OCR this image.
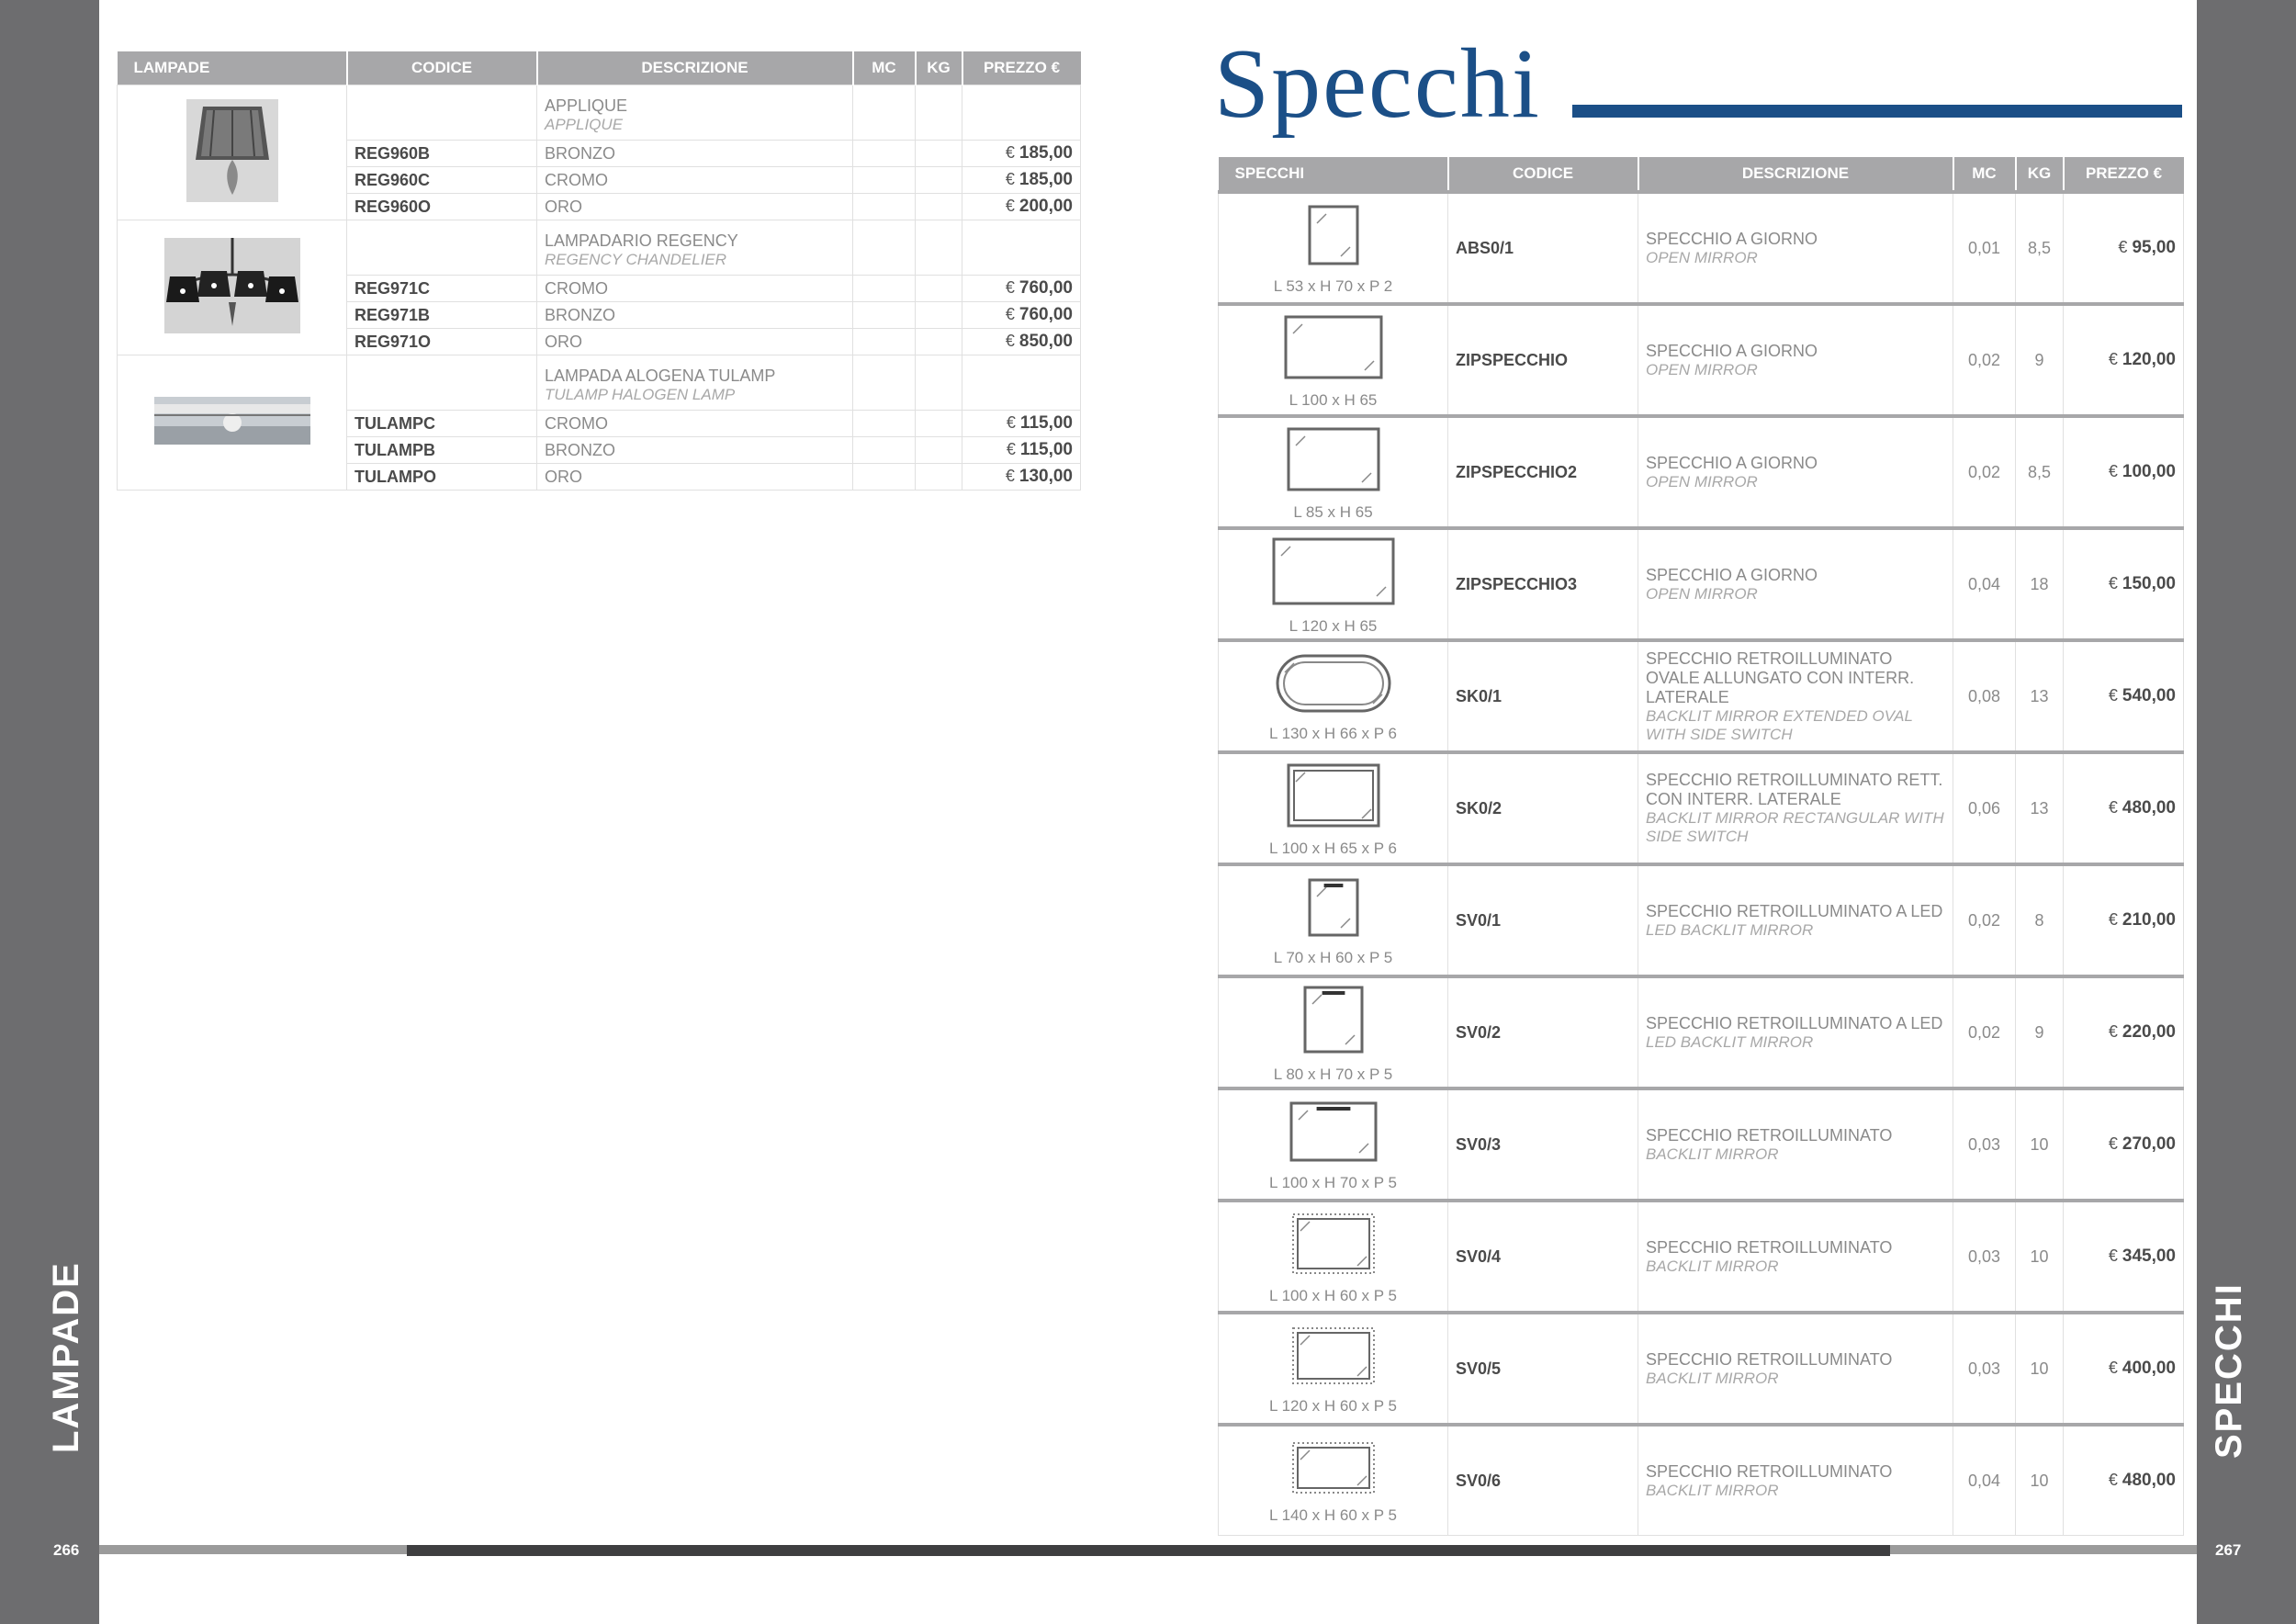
LAMPADE	SPECCHI
266	267
LAMPADE	CODICE	DESCRIZIONE	MC	KG	PREZZO €

APPLIQUE
APPLIQUE			

	REG960B	BRONZO			€ 185,00
	REG960C	CROMO			€ 185,00
	REG960O	ORO			€ 200,00

LAMPADARIO REGENCY
REGENCY CHANDELIER			

	REG971C	CROMO			€ 760,00
	REG971B	BRONZO			€ 760,00
	REG971O	ORO			€ 850,00

LAMPADA ALOGENA TULAMP
TULAMP HALOGEN LAMP			

	TULAMPC	CROMO			€ 115,00
	TULAMPB	BRONZO			€ 115,00
	TULAMPO	ORO			€ 130,00
Specchi
SPECCHI	CODICE	DESCRIZIONE	MC	KG	PREZZO €

L 53 x H 70 x P 2	ABS0/1	SPECCHIO A GIORNO
OPEN MIRROR	0,01	8,5	€ 95,00

L 100 x H 65	ZIPSPECCHIO	SPECCHIO A GIORNO
OPEN MIRROR	0,02	9	€ 120,00

L 85 x H 65	ZIPSPECCHIO2	SPECCHIO A GIORNO
OPEN MIRROR	0,02	8,5	€ 100,00

L 120 x H 65	ZIPSPECCHIO3	SPECCHIO A GIORNO
OPEN MIRROR	0,04	18	€ 150,00

L 130 x H 66 x P 6	SK0/1	SPECCHIO RETROILLUMINATO OVALE ALLUNGATO CON INTERR. LATERALE
BACKLIT MIRROR EXTENDED OVAL WITH SIDE SWITCH	0,08	13	€ 540,00

L 100 x H 65 x P 6	SK0/2	SPECCHIO RETROILLUMINATO RETT. CON INTERR. LATERALE
BACKLIT MIRROR RECTANGULAR WITH SIDE SWITCH	0,06	13	€ 480,00

L 70 x H 60 x P 5	SV0/1	SPECCHIO RETROILLUMINATO A LED
LED BACKLIT MIRROR	0,02	8	€ 210,00

L 80 x H 70 x P 5	SV0/2	SPECCHIO RETROILLUMINATO A LED
LED BACKLIT MIRROR	0,02	9	€ 220,00

L 100 x H 70 x P 5	SV0/3	SPECCHIO RETROILLUMINATO
BACKLIT MIRROR	0,03	10	€ 270,00

L 100 x H 60 x P 5	SV0/4	SPECCHIO RETROILLUMINATO
BACKLIT MIRROR	0,03	10	€ 345,00

L 120 x H 60 x P 5	SV0/5	SPECCHIO RETROILLUMINATO
BACKLIT MIRROR	0,03	10	€ 400,00

L 140 x H 60 x P 5	SV0/6	SPECCHIO RETROILLUMINATO
BACKLIT MIRROR	0,04	10	€ 480,00
